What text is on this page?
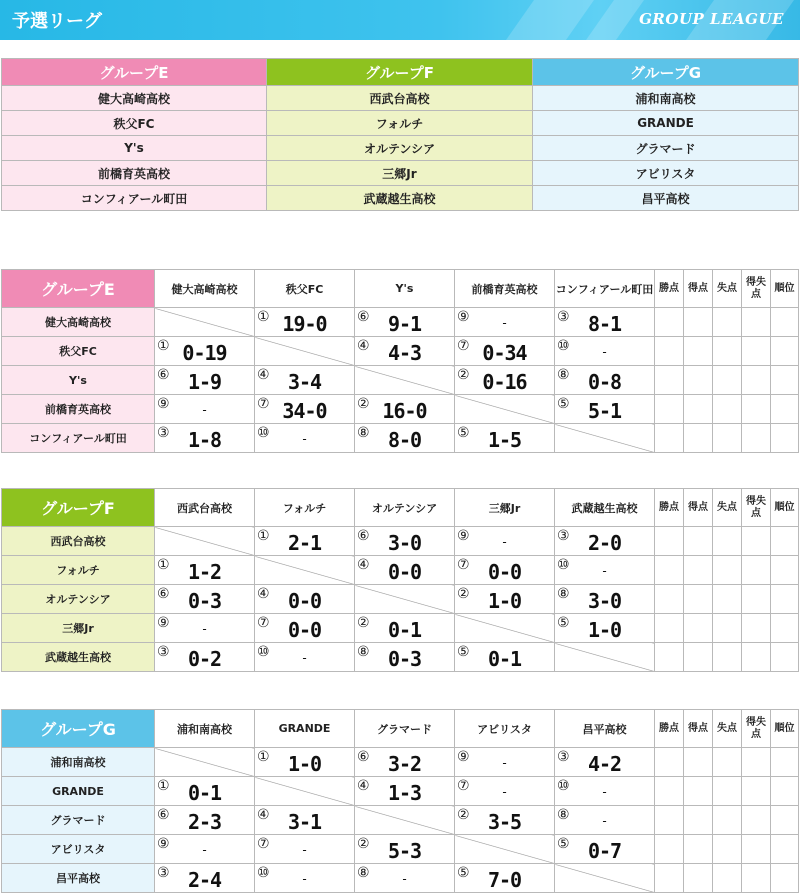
予選リーグ	GROUP LEAGUE
グループE	グループF	グループG
健大高崎高校	西武台高校	浦和南高校
秩父FC	フォルチ	GRANDE
Y's	オルテンシア	グラマード
前橋育英高校	三郷Jr	アビリスタ
コンフィアール町田	武蔵越生高校	昌平高校
グループE	健大高崎高校	秩父FC	Y's	前橋育英高校	コンフィアール町田	勝点	得点	失点	得失点	順位
健大高崎高校		① 19-0	⑥ 9-1	⑨ -	③ 8-1					

秩父FC	① 0-19		④ 4-3	⑦ 0-34	⑩ -					

Y's	⑥ 1-9	④ 3-4		② 0-16	⑧ 0-8					

前橋育英高校	⑨ -	⑦ 34-0	② 16-0		⑤ 5-1					

コンフィアール町田	③ 1-8	⑩ -	⑧ 8-0	⑤ 1-5						

グループF	西武台高校	フォルチ	オルテンシア	三郷Jr	武蔵越生高校	勝点	得点	失点	得失点	順位
西武台高校		① 2-1	⑥ 3-0	⑨ -	③ 2-0					

フォルチ	① 1-2		④ 0-0	⑦ 0-0	⑩ -					

オルテンシア	⑥ 0-3	④ 0-0		② 1-0	⑧ 3-0					

三郷Jr	⑨ -	⑦ 0-0	② 0-1		⑤ 1-0					

武蔵越生高校	③ 0-2	⑩ -	⑧ 0-3	⑤ 0-1						

グループG	浦和南高校	GRANDE	グラマード	アビリスタ	昌平高校	勝点	得点	失点	得失点	順位
浦和南高校		① 1-0	⑥ 3-2	⑨ -	③ 4-2					

GRANDE	① 0-1		④ 1-3	⑦ -	⑩ -					

グラマード	⑥ 2-3	④ 3-1		② 3-5	⑧ -					

アビリスタ	⑨ -	⑦ -	② 5-3		⑤ 0-7					

昌平高校	③ 2-4	⑩ -	⑧ -	⑤ 7-0						
